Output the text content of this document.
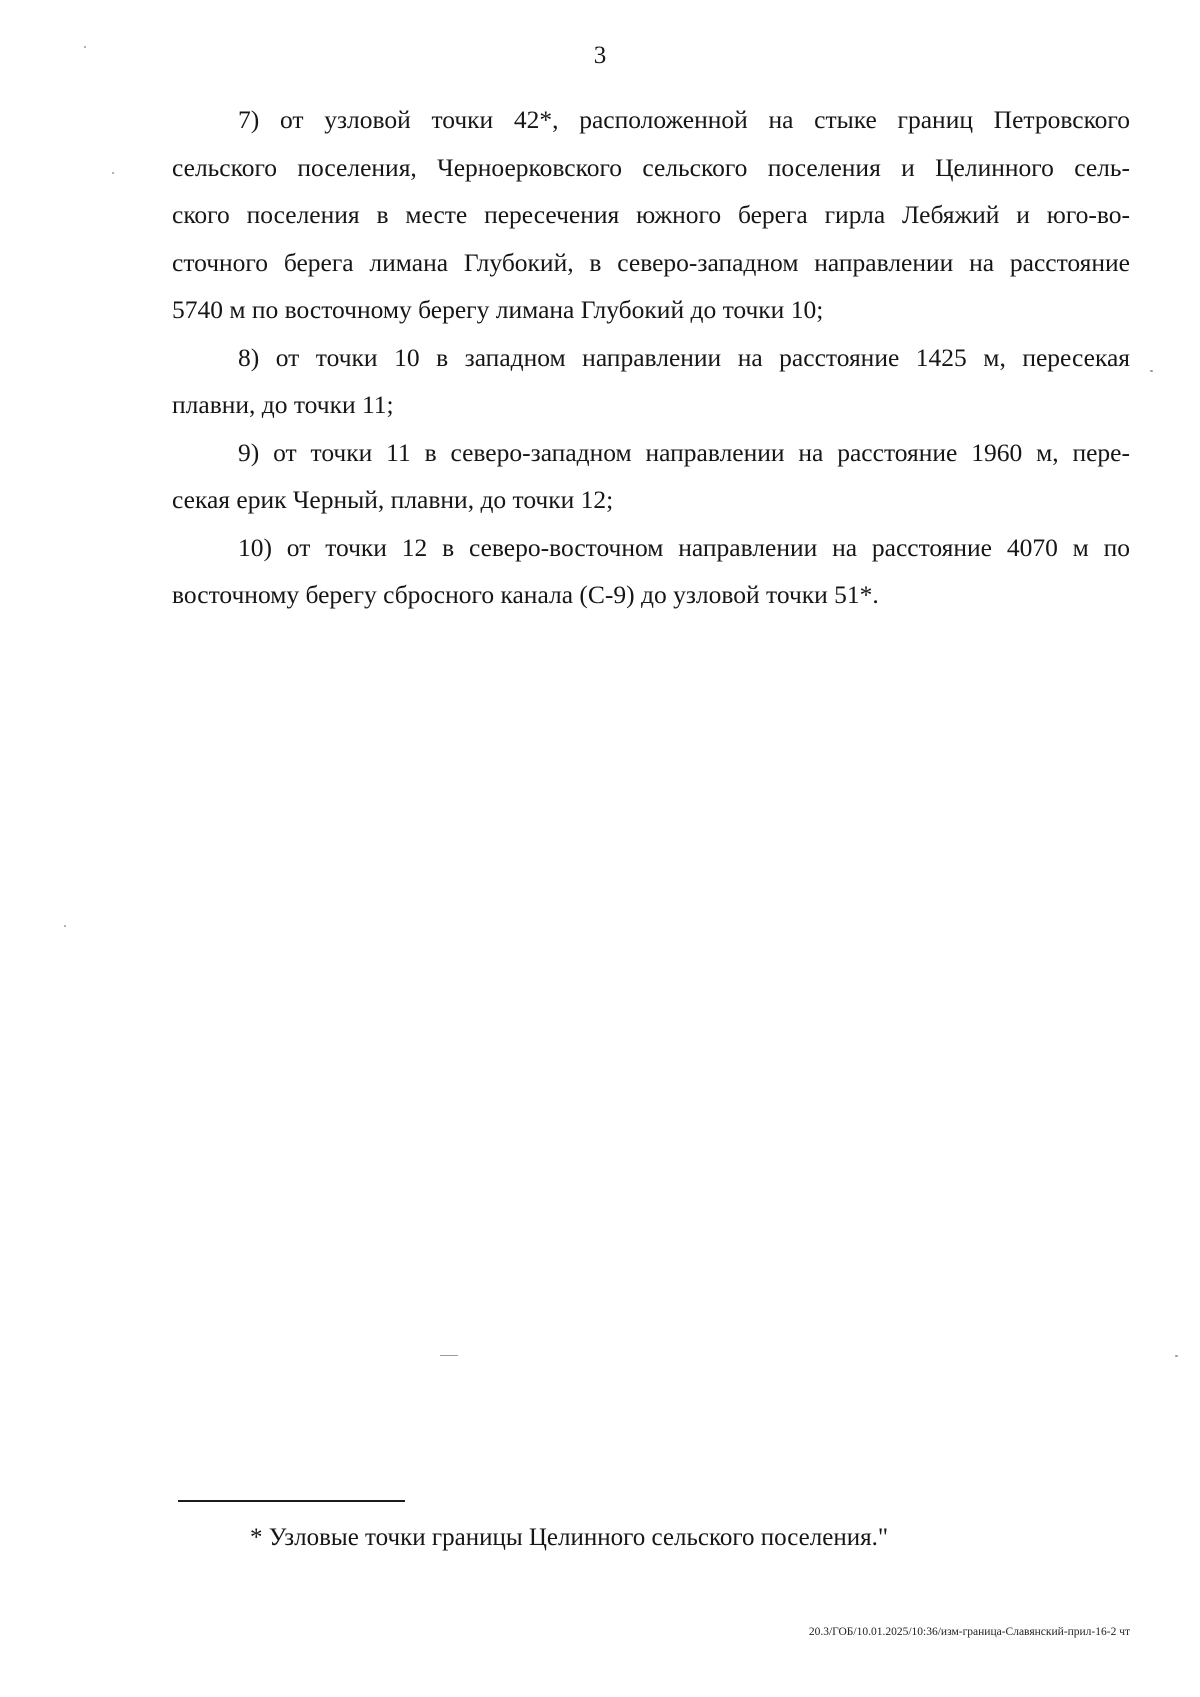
3

7) от узловой точки 42*, расположенной на стыке границ Петровского
сельского поселения, Черноерковского сельского поселения и Целинного сель-
ского поселения в месте пересечения южного берега гирла Лебяжий и юго-во-
сточного берега лимана Глубокий, в северо-западном направлении на расстояние
5740 м по восточному берегу лимана Глубокий до точки 10;

8) от точки 10 в западном направлении на расстояние 1425 м, пересекая
плавни, до точки 11;

9) от точки 11 в северо-западном направлении на расстояние 1960 м, пере-
секая ерик Черный, плавни, до точки 12;

10) от точки 12 в северо-восточном направлении на расстояние 4070 м по
восточному берегу сбросного канала (С-9) до узловой точки 51*.

* Узловые точки границы Целинного сельского поселения."
20.3/ГОБ/10.01.2025/10:36/изм-граница-Славянский-прил-16-2 чт
